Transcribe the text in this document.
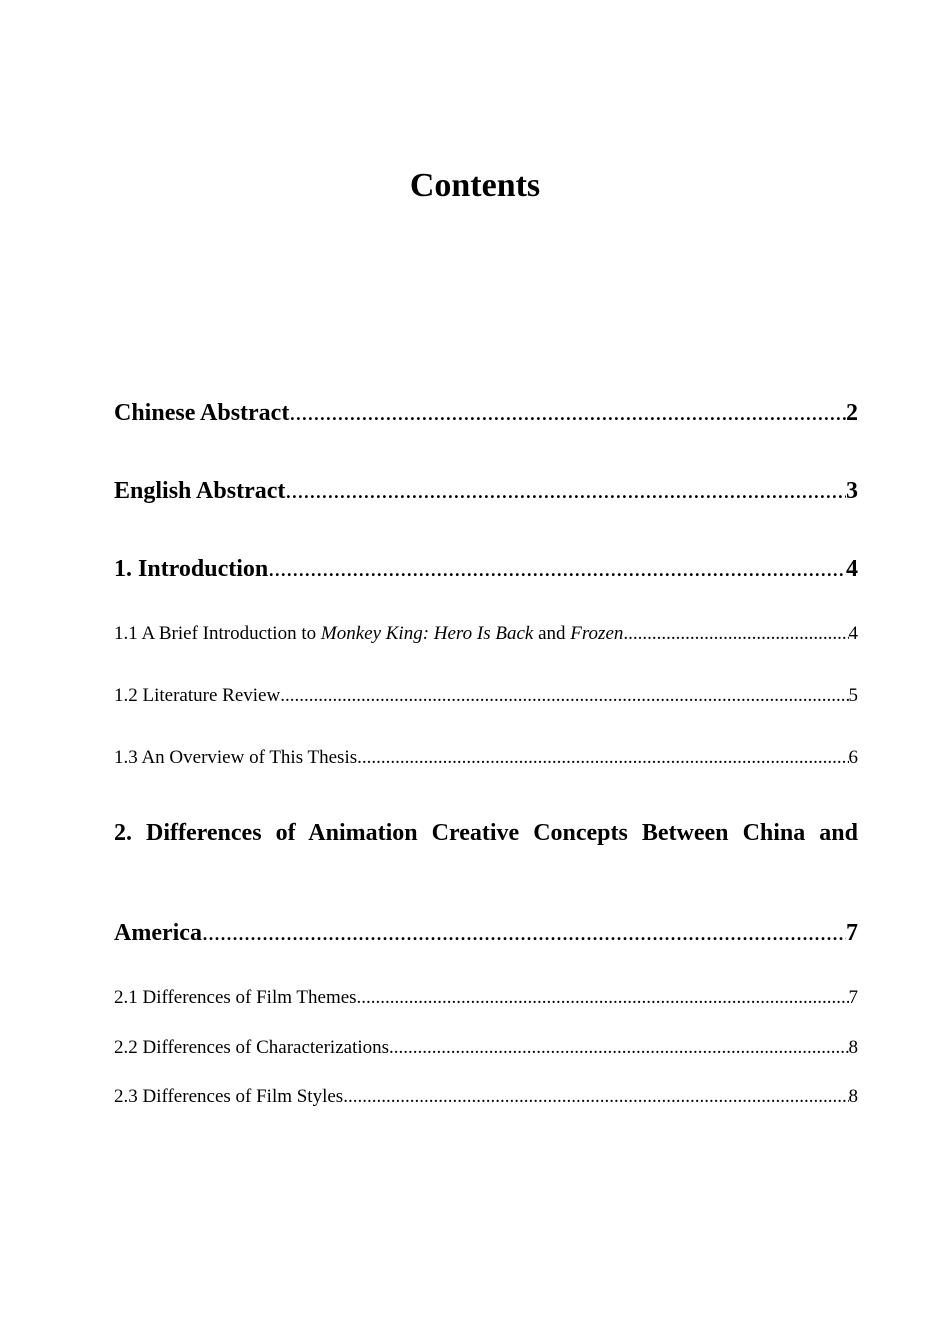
Contents
Chinese Abstract .....	2
English Abstract .....	3
1. Introduction .....	4
1.1 A Brief Introduction to Monkey King: Hero Is Back and Frozen .....	4
1.2 Literature Review .....	5
1.3 An Overview of This Thesis .....	6
2. Differences of Animation Creative Concepts Between China and
America .....	7
2.1 Differences of Film Themes .....	7
2.2 Differences of Characterizations .....	8
2.3 Differences of Film Styles .....	8
